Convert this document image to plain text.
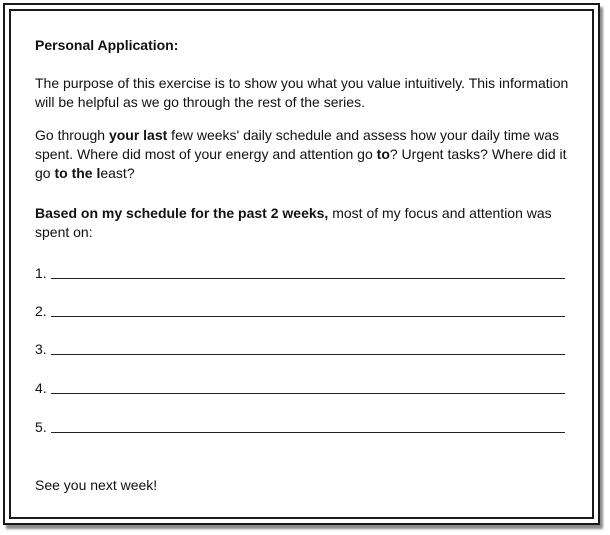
Personal Application:

The purpose of this exercise is to show you what you value intuitively. This information will be helpful as we go through the rest of the series.

Go through your last few weeks' daily schedule and assess how your daily time was spent. Where did most of your energy and attention go to? Urgent tasks? Where did it go to the least?

Based on my schedule for the past 2 weeks, most of my focus and attention was spent on:

1.
2.
3.
4.
5.

See you next week!
